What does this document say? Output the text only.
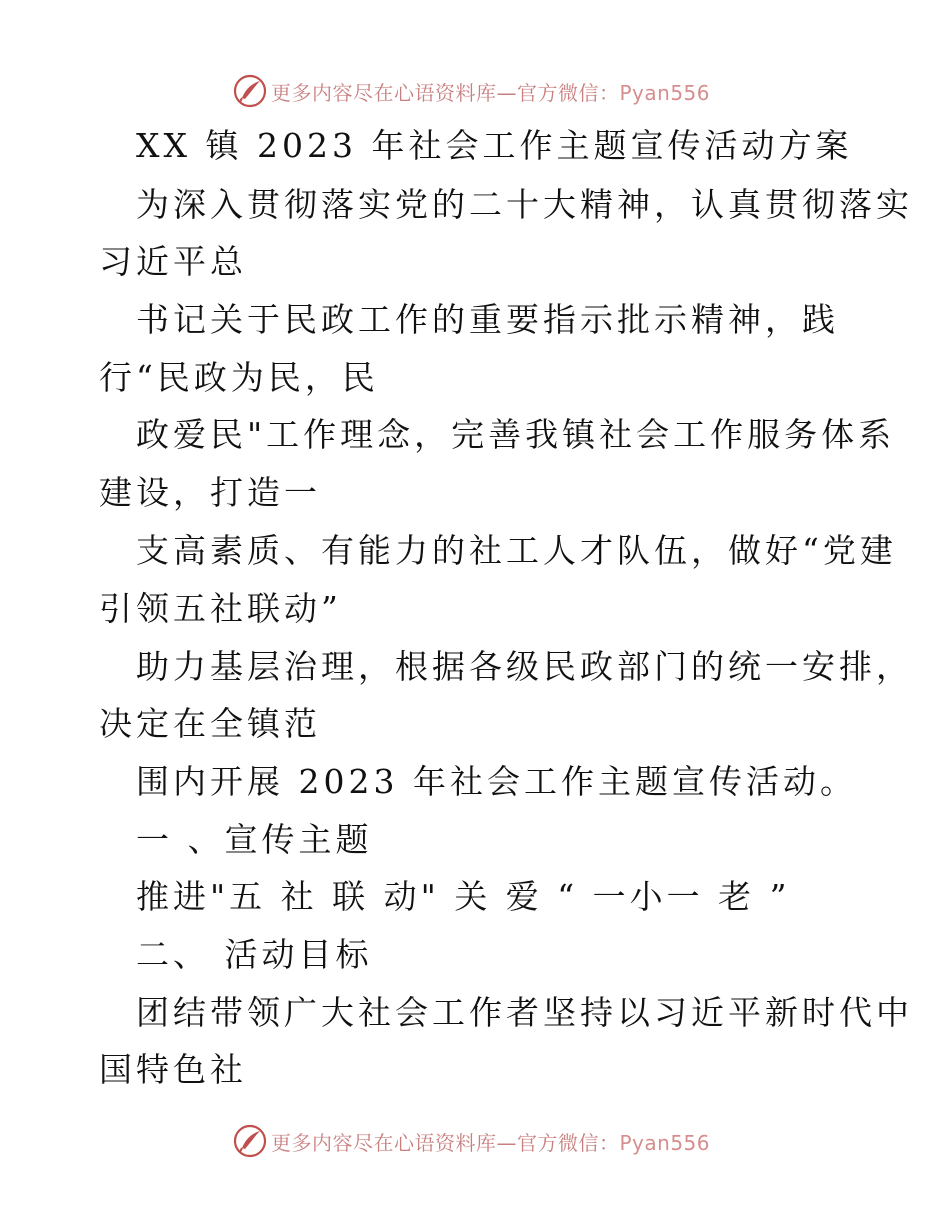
更多内容尽在心语资料库—官方微信：Pyan556
XX 镇 2023 年社会工作主题宣传活动方案
为深入贯彻落实党的二十大精神，认真贯彻落实
习近平总
书记关于民政工作的重要指示批示精神，践
行“民政为民，民
政爱民"工作理念，完善我镇社会工作服务体系
建设，打造一
支高素质、有能力的社工人才队伍，做好“党建
引领五社联动”
助力基层治理，根据各级民政部门的统一安排，
决定在全镇范
围内开展 2023 年社会工作主题宣传活动。
一 、宣传主题
推进"五 社 联 动" 关 爱 “ 一小一 老 ”
二、 活动目标
团结带领广大社会工作者坚持以习近平新时代中
国特色社
更多内容尽在心语资料库—官方微信：Pyan556
